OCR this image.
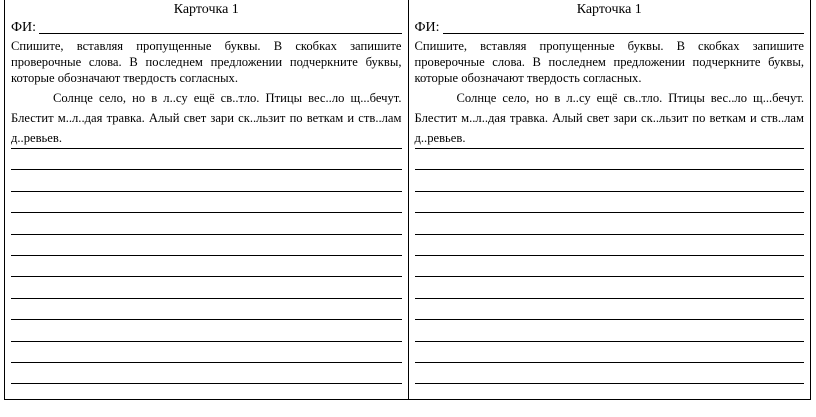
Карточка 1
ФИ:

Спишите, вставляя пропущенные буквы. В скобках запишите проверочные слова. В последнем предложении подчеркните буквы, которые обозначают твердость согласных.

Солнце село, но в л..су ещё св..тло. Птицы вес..ло щ...бечут. Блестит м..л..дая травка. Алый свет зари ск..льзит по веткам и ств..лам д..ревьев.

Карточка 1
ФИ:

Спишите, вставляя пропущенные буквы. В скобках запишите проверочные слова. В последнем предложении подчеркните буквы, которые обозначают твердость согласных.

Солнце село, но в л..су ещё св..тло. Птицы вес..ло щ...бечут. Блестит м..л..дая травка. Алый свет зари ск..льзит по веткам и ств..лам д..ревьев.
